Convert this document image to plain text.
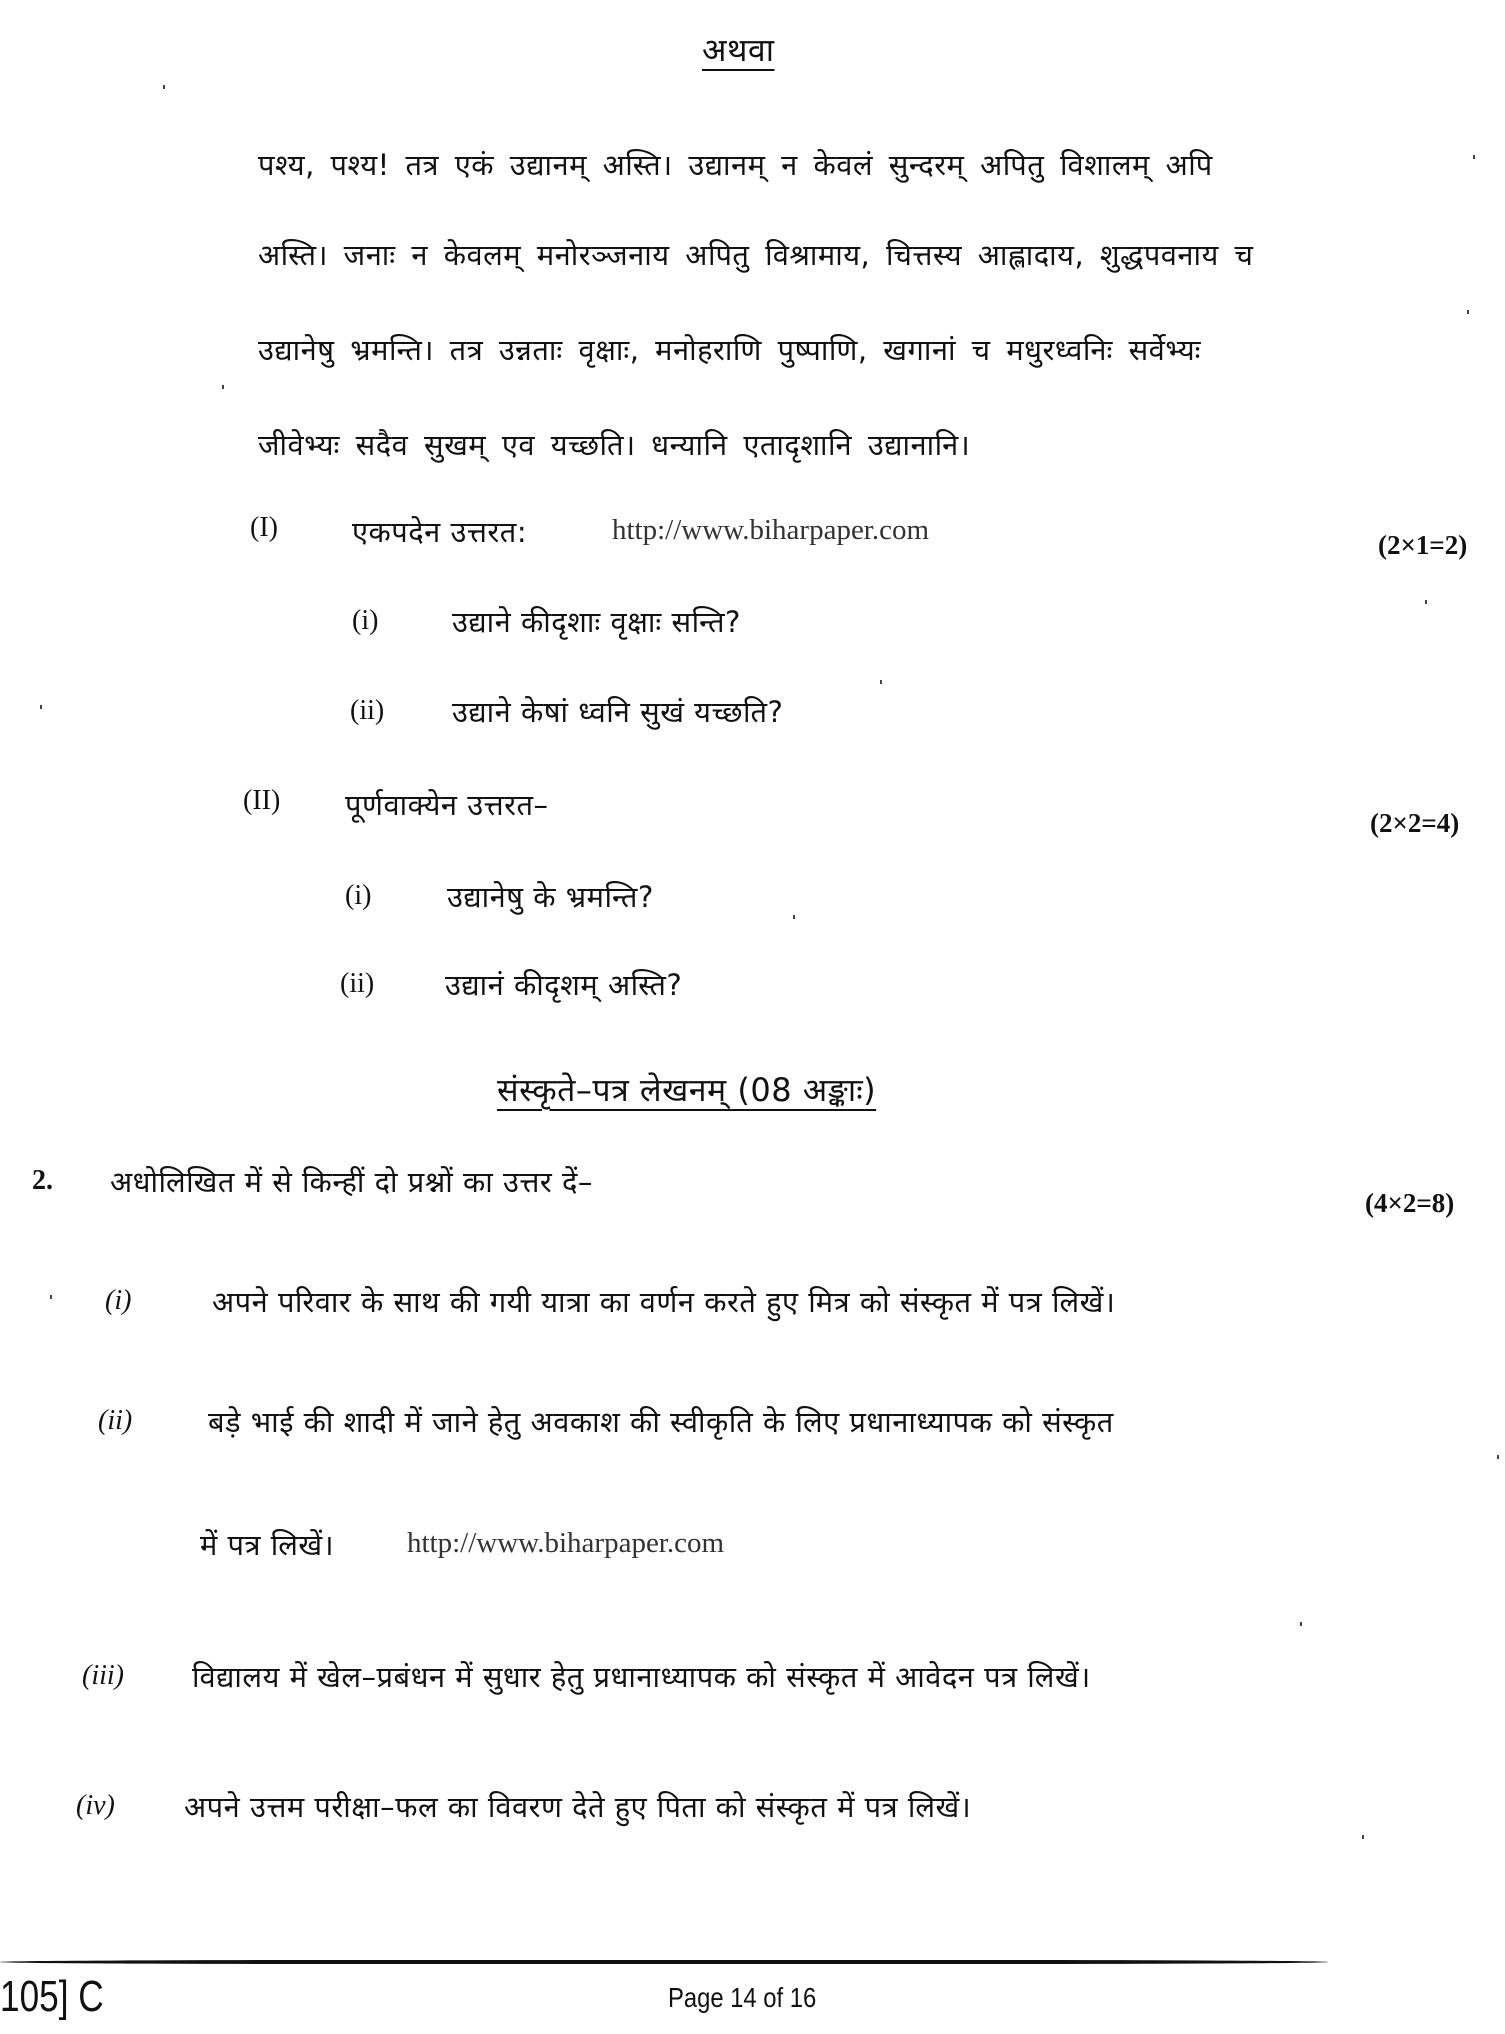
अथवा
पश्य, पश्य! तत्र एकं उद्यानम् अस्ति। उद्यानम् न केवलं सुन्दरम् अपितु विशालम् अपि
अस्ति। जनाः न केवलम् मनोरञ्जनाय अपितु विश्रामाय, चित्तस्य आह्लादाय, शुद्धपवनाय च
उद्यानेषु भ्रमन्ति। तत्र उन्नताः वृक्षाः, मनोहराणि पुष्पाणि, खगानां च मधुरध्वनिः सर्वेभ्यः
जीवेभ्यः सदैव सुखम् एव यच्छति। धन्यानि एतादृशानि उद्यानानि।
(I)	एकपदेन उत्तरत:	http://www.biharpaper.com	(2×1=2)
(i)	उद्याने कीदृशाः वृक्षाः सन्ति?
(ii) उद्याने केषां ध्वनि सुखं यच्छति?
(II) पूर्णवाक्येन उत्तरत–
(2×2=4)
(i)	उद्यानेषु के भ्रमन्ति?
(ii) उद्यानं कीदृशम् अस्ति?
संस्कृते–पत्र लेखनम् (08 अङ्काः)
2. अधोलिखित में से किन्हीं दो प्रश्नों का उत्तर दें–
(4×2=8)
(i)	अपने परिवार के साथ की गयी यात्रा का वर्णन करते हुए मित्र को संस्कृत में पत्र लिखें।
(ii)	बड़े भाई की शादी में जाने हेतु अवकाश की स्वीकृति के लिए प्रधानाध्यापक को संस्कृत
में पत्र लिखें।	http://www.biharpaper.com
(iii) विद्यालय में खेल–प्रबंधन में सुधार हेतु प्रधानाध्यापक को संस्कृत में आवेदन पत्र लिखें।
(iv) अपने उत्तम परीक्षा–फल का विवरण देते हुए पिता को संस्कृत में पत्र लिखें।
105] C	Page 14 of 16
